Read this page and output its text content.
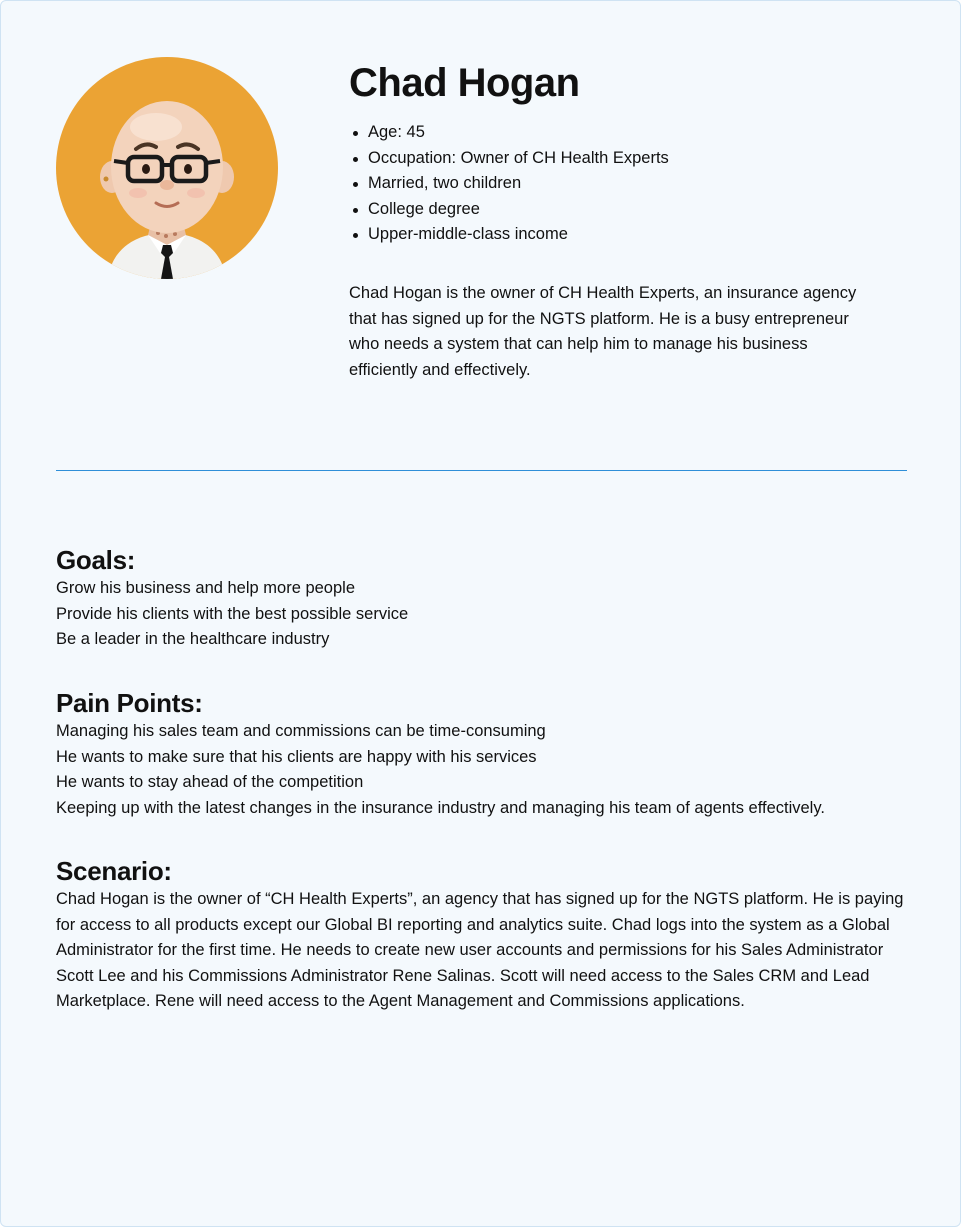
Chad Hogan
Age: 45
Occupation: Owner of CH Health Experts
Married, two children
College degree
Upper-middle-class income

Chad Hogan is the owner of CH Health Experts, an insurance agency that has signed up for the NGTS platform. He is a busy entrepreneur who needs a system that can help him to manage his business efficiently and effectively.

Goals:
Grow his business and help more people
Provide his clients with the best possible service
Be a leader in the healthcare industry
Pain Points:
Managing his sales team and commissions can be time-consuming
He wants to make sure that his clients are happy with his services
He wants to stay ahead of the competition
Keeping up with the latest changes in the insurance industry and managing his team of agents effectively.
Scenario:

Chad Hogan is the owner of “CH Health Experts”, an agency that has signed up for the NGTS platform. He is paying for access to all products except our Global BI reporting and analytics suite. Chad logs into the system as a Global Administrator for the first time. He needs to create new user accounts and permissions for his Sales Administrator Scott Lee and his Commissions Administrator Rene Salinas. Scott will need access to the Sales CRM and Lead Marketplace. Rene will need access to the Agent Management and Commissions applications.
